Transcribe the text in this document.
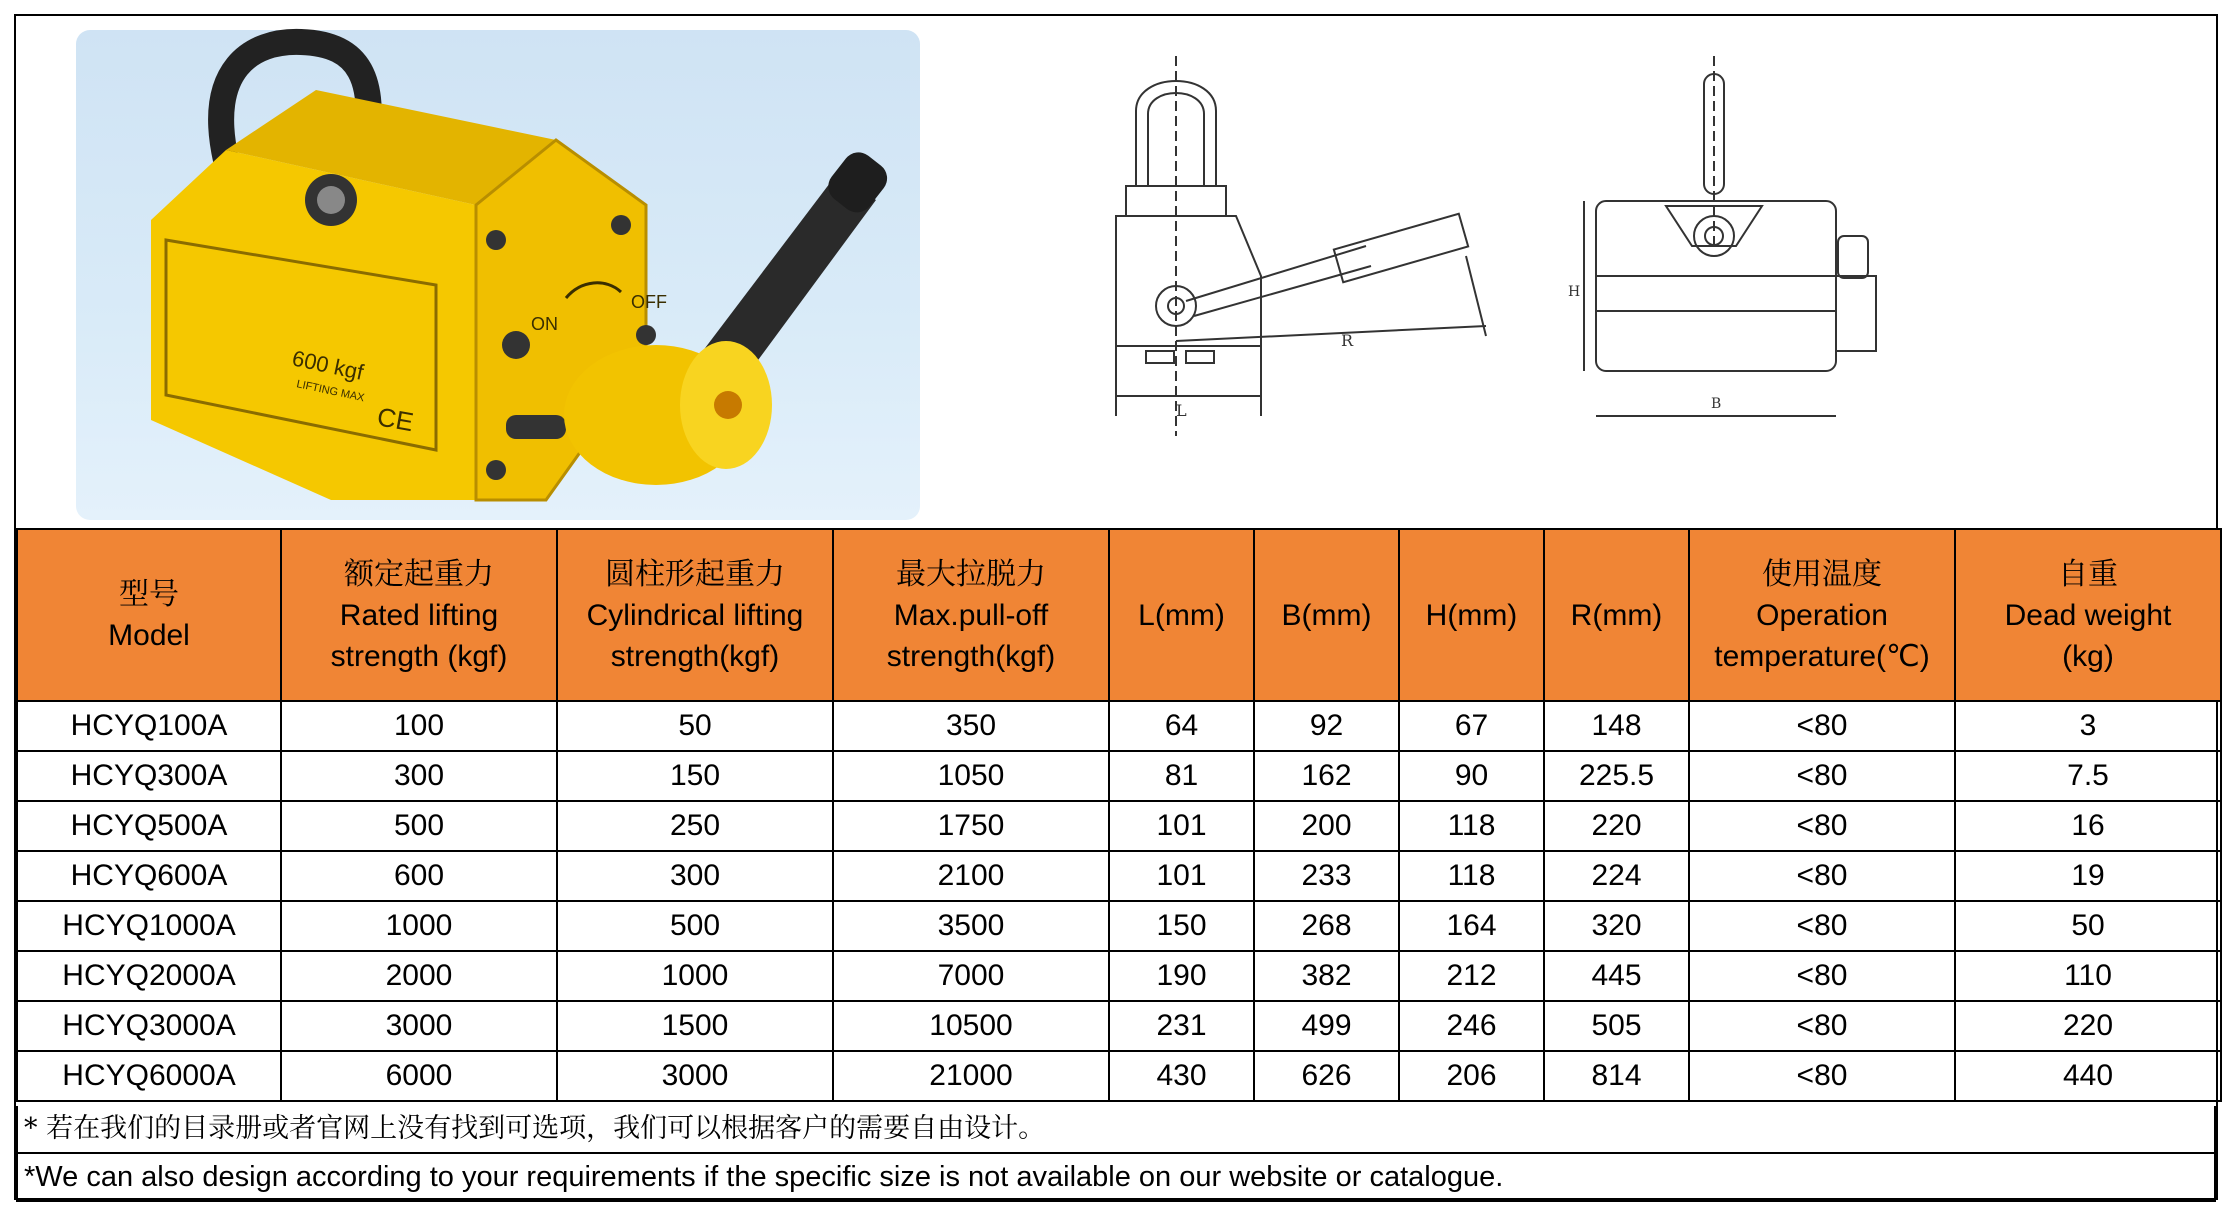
600 kgf
LIFTING MAX
CE
ON
OFF
L
R
H
B
型号
Model	额定起重力
Rated lifting
strength (kgf)	圆柱形起重力
Cylindrical lifting
strength(kgf)	最大拉脱力
Max.pull-off
strength(kgf)	L(mm)	B(mm)	H(mm)	R(mm)	使用温度
Operation
temperature(℃)	自重
Dead weight
(kg)

HCYQ100A	100	50	350	64	92	67	148	<80	3
HCYQ300A	300	150	1050	81	162	90	225.5	<80	7.5
HCYQ500A	500	250	1750	101	200	118	220	<80	16
HCYQ600A	600	300	2100	101	233	118	224	<80	19
HCYQ1000A	1000	500	3500	150	268	164	320	<80	50
HCYQ2000A	2000	1000	7000	190	382	212	445	<80	110
HCYQ3000A	3000	1500	10500	231	499	246	505	<80	220
HCYQ6000A	6000	3000	21000	430	626	206	814	<80	440
* 若在我们的目录册或者官网上没有找到可选项，我们可以根据客户的需要自由设计。
*We can also design according to your requirements if the specific size is not available on our website or catalogue.
